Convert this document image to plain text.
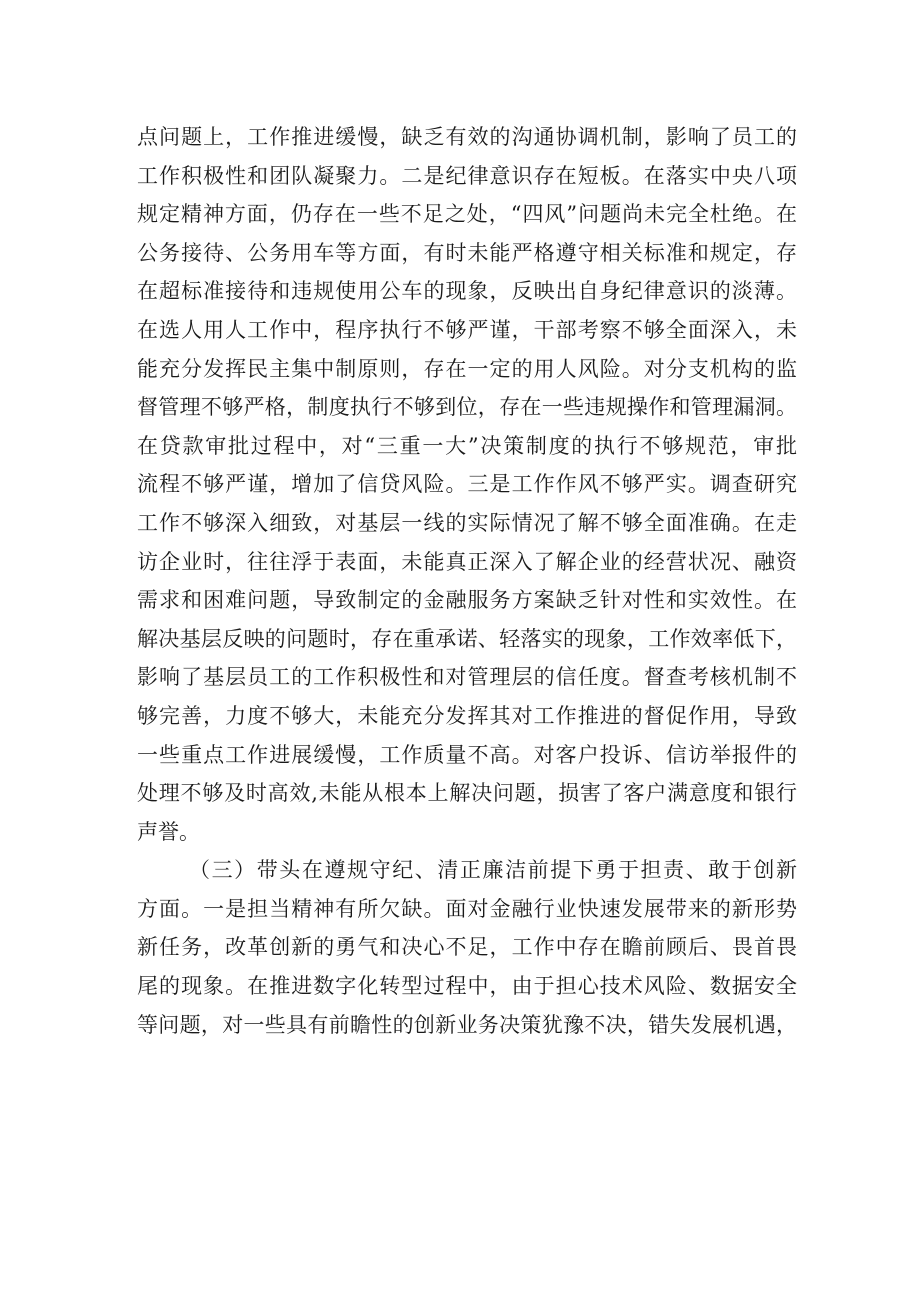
点问题上，工作推进缓慢，缺乏有效的沟通协调机制，影响了员工的
工作积极性和团队凝聚力。二是纪律意识存在短板。在落实中央八项
规定精神方面，仍存在一些不足之处，“四风”问题尚未完全杜绝。在
公务接待、公务用车等方面，有时未能严格遵守相关标准和规定，存
在超标准接待和违规使用公车的现象，反映出自身纪律意识的淡薄。
在选人用人工作中，程序执行不够严谨，干部考察不够全面深入，未
能充分发挥民主集中制原则，存在一定的用人风险。对分支机构的监
督管理不够严格，制度执行不够到位，存在一些违规操作和管理漏洞。
在贷款审批过程中，对“三重一大”决策制度的执行不够规范，审批
流程不够严谨，增加了信贷风险。三是工作作风不够严实。调查研究
工作不够深入细致，对基层一线的实际情况了解不够全面准确。在走
访企业时，往往浮于表面，未能真正深入了解企业的经营状况、融资
需求和困难问题，导致制定的金融服务方案缺乏针对性和实效性。在
解决基层反映的问题时，存在重承诺、轻落实的现象，工作效率低下，
影响了基层员工的工作积极性和对管理层的信任度。督查考核机制不
够完善，力度不够大，未能充分发挥其对工作推进的督促作用，导致
一些重点工作进展缓慢，工作质量不高。对客户投诉、信访举报件的
处理不够及时高效,未能从根本上解决问题，损害了客户满意度和银行
声誉。
（三）带头在遵规守纪、清正廉洁前提下勇于担责、敢于创新
方面。一是担当精神有所欠缺。面对金融行业快速发展带来的新形势
新任务，改革创新的勇气和决心不足，工作中存在瞻前顾后、畏首畏
尾的现象。在推进数字化转型过程中，由于担心技术风险、数据安全
等问题，对一些具有前瞻性的创新业务决策犹豫不决，错失发展机遇，
